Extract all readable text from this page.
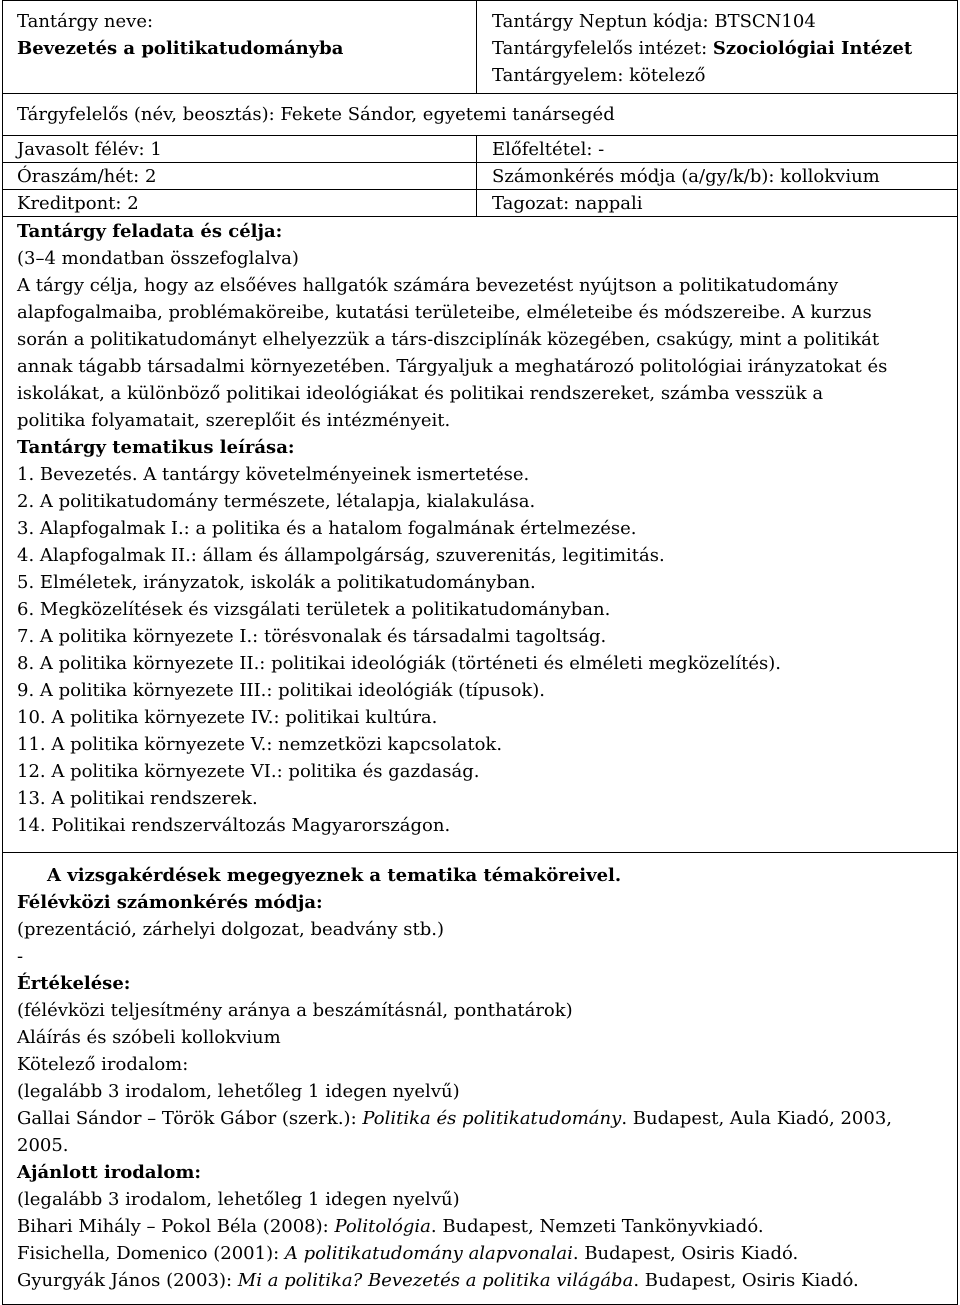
Tantárgy neve:
Bevezetés a politikatudományba
Tantárgy Neptun kódja: BTSCN104
Tantárgyfelelős intézet: Szociológiai Intézet
Tantárgyelem: kötelező
Tárgyfelelős (név, beosztás): Fekete Sándor, egyetemi tanársegéd
Javasolt félév: 1	Előfeltétel: -
Óraszám/hét: 2	Számonkérés módja (a/gy/k/b): kollokvium
Kreditpont: 2	Tagozat: nappali
Tantárgy feladata és célja:
(3–4 mondatban összefoglalva)
A tárgy célja, hogy az elsőéves hallgatók számára bevezetést nyújtson a politikatudomány
alapfogalmaiba, problémaköreibe, kutatási területeibe, elméleteibe és módszereibe. A kurzus
során a politikatudományt elhelyezzük a társ-diszciplínák közegében, csakúgy, mint a politikát
annak tágabb társadalmi környezetében. Tárgyaljuk a meghatározó politológiai irányzatokat és
iskolákat, a különböző politikai ideológiákat és politikai rendszereket, számba vesszük a
politika folyamatait, szereplőit és intézményeit.
Tantárgy tematikus leírása:
1. Bevezetés. A tantárgy követelményeinek ismertetése.
2. A politikatudomány természete, létalapja, kialakulása.
3. Alapfogalmak I.: a politika és a hatalom fogalmának értelmezése.
4. Alapfogalmak II.: állam és állampolgárság, szuverenitás, legitimitás.
5. Elméletek, irányzatok, iskolák a politikatudományban.
6. Megközelítések és vizsgálati területek a politikatudományban.
7. A politika környezete I.: törésvonalak és társadalmi tagoltság.
8. A politika környezete II.: politikai ideológiák (történeti és elméleti megközelítés).
9. A politika környezete III.: politikai ideológiák (típusok).
10. A politika környezete IV.: politikai kultúra.
11. A politika környezete V.: nemzetközi kapcsolatok.
12. A politika környezete VI.: politika és gazdaság.
13. A politikai rendszerek.
14. Politikai rendszerváltozás Magyarországon.
A vizsgakérdések megegyeznek a tematika témaköreivel.
Félévközi számonkérés módja:
(prezentáció, zárhelyi dolgozat, beadvány stb.)
-
Értékelése:
(félévközi teljesítmény aránya a beszámításnál, ponthatárok)
Aláírás és szóbeli kollokvium
Kötelező irodalom:
(legalább 3 irodalom, lehetőleg 1 idegen nyelvű)
Gallai Sándor – Török Gábor (szerk.): Politika és politikatudomány. Budapest, Aula Kiadó, 2003,
2005.
Ajánlott irodalom:
(legalább 3 irodalom, lehetőleg 1 idegen nyelvű)
Bihari Mihály – Pokol Béla (2008): Politológia. Budapest, Nemzeti Tankönyvkiadó.
Fisichella, Domenico (2001): A politikatudomány alapvonalai. Budapest, Osiris Kiadó.
Gyurgyák János (2003): Mi a politika? Bevezetés a politika világába. Budapest, Osiris Kiadó.
